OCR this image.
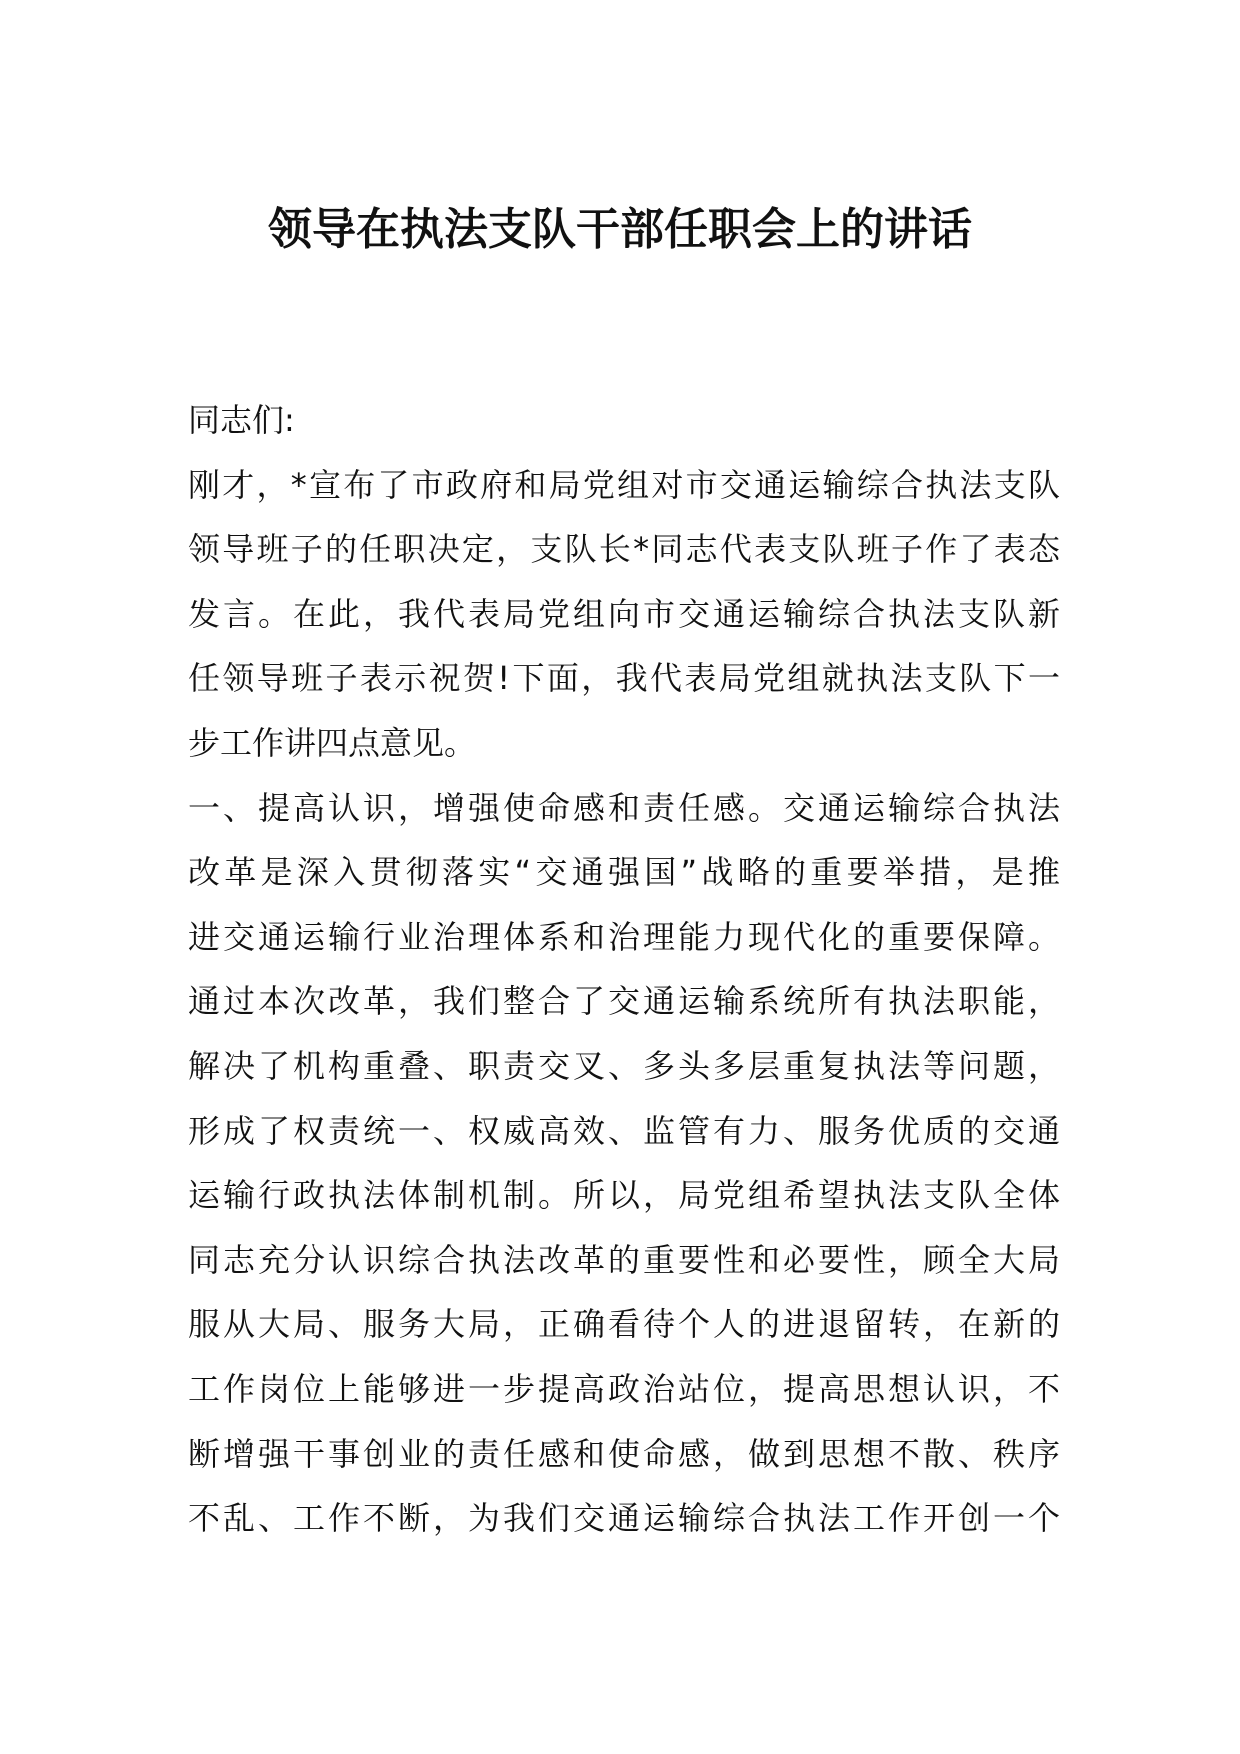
领导在执法支队干部任职会上的讲话
同志们:
刚才，*宣布了市政府和局党组对市交通运输综合执法支队
领导班子的任职决定，支队长*同志代表支队班子作了表态
发言。在此，我代表局党组向市交通运输综合执法支队新
任领导班子表示祝贺!下面，我代表局党组就执法支队下一
步工作讲四点意见。
一、提高认识，增强使命感和责任感。交通运输综合执法
改革是深入贯彻落实“交通强国”战略的重要举措，是推
进交通运输行业治理体系和治理能力现代化的重要保障。
通过本次改革，我们整合了交通运输系统所有执法职能，
解决了机构重叠、职责交叉、多头多层重复执法等问题，
形成了权责统一、权威高效、监管有力、服务优质的交通
运输行政执法体制机制。所以，局党组希望执法支队全体
同志充分认识综合执法改革的重要性和必要性，顾全大局
服从大局、服务大局，正确看待个人的进退留转，在新的
工作岗位上能够进一步提高政治站位，提高思想认识，不
断增强干事创业的责任感和使命感，做到思想不散、秩序
不乱、工作不断，为我们交通运输综合执法工作开创一个
